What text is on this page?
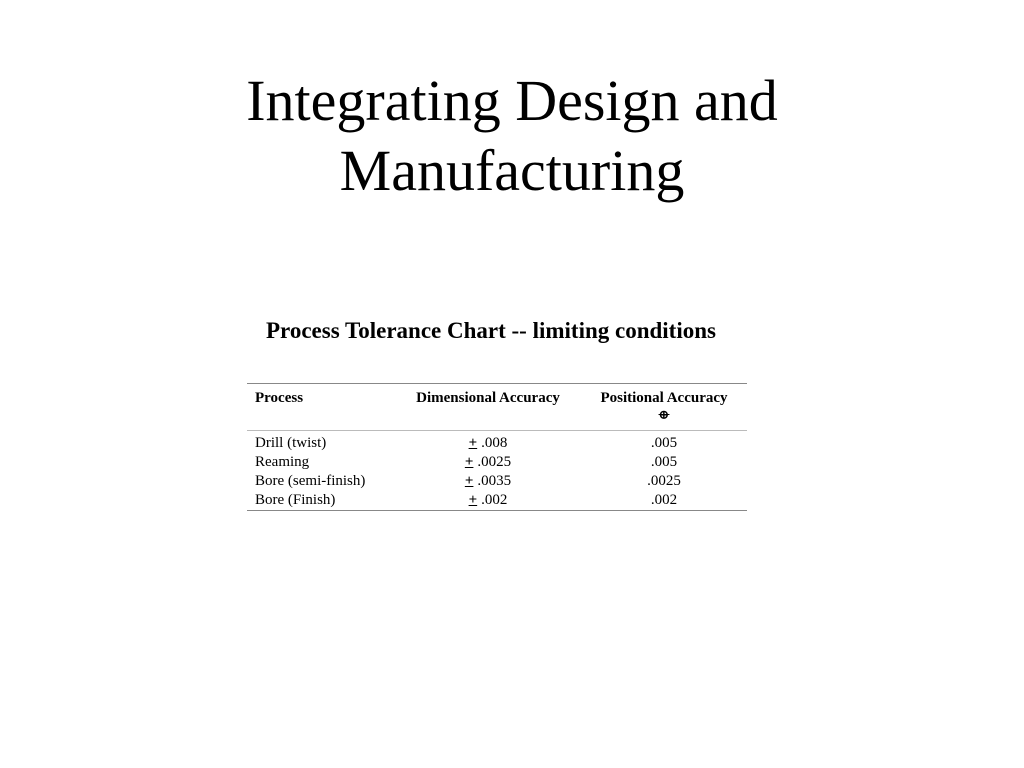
Integrating Design and
Manufacturing
Process Tolerance Chart -- limiting conditions
Process	Dimensional Accuracy	Positional Accuracy
⊕

Drill (twist)	+ .008	.005
Reaming	+ .0025	.005
Bore (semi-finish)	+ .0035	.0025
Bore (Finish)	+ .002	.002
